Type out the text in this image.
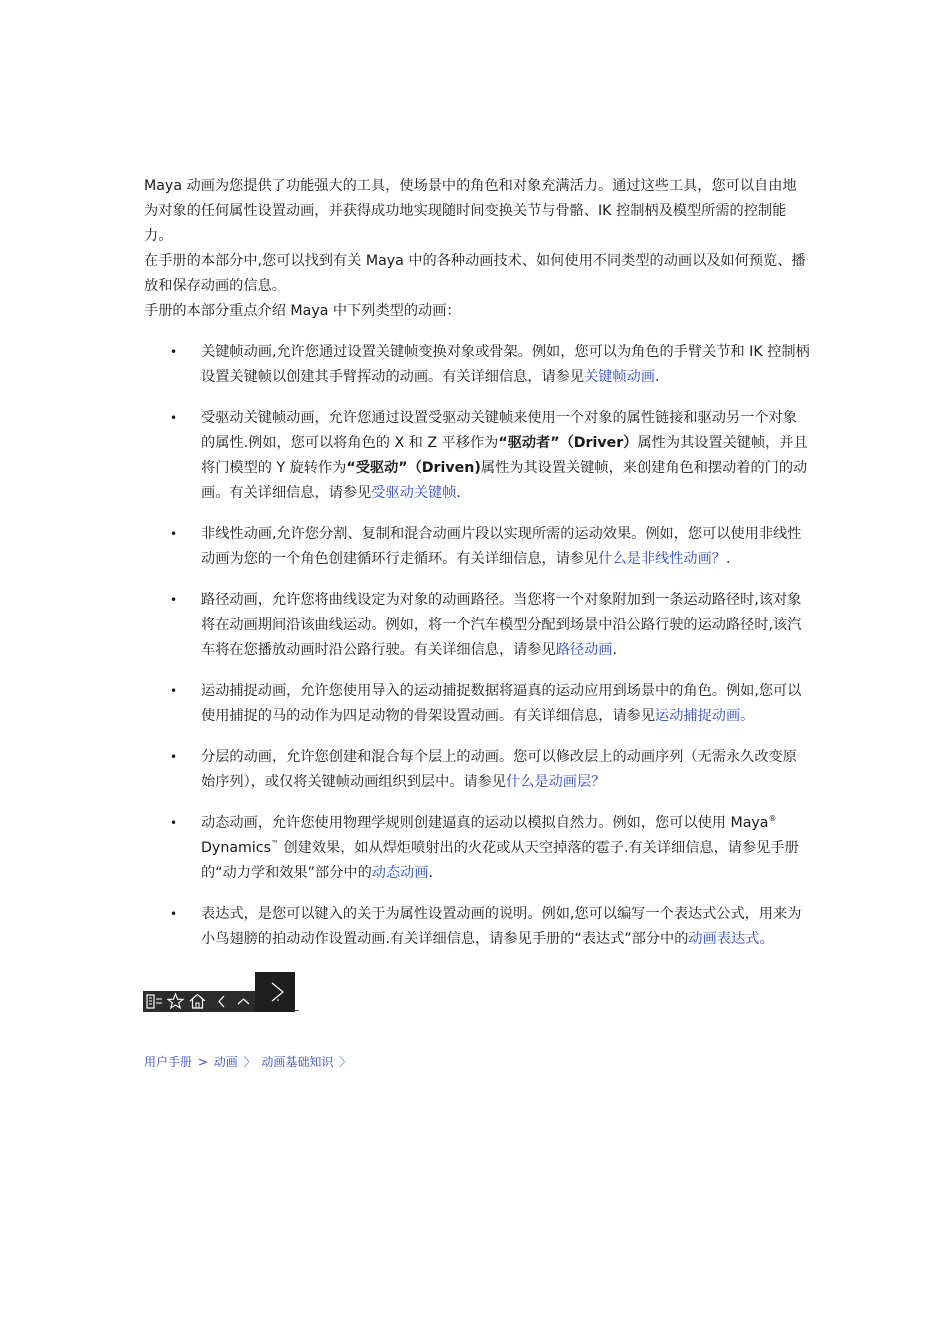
Maya 动画为您提供了功能强大的工具，使场景中的角色和对象充满活力。通过这些工具，您可以自由地为对象的任何属性设置动画，并获得成功地实现随时间变换关节与骨骼、IK 控制柄及模型所需的控制能力。

在手册的本部分中,您可以找到有关 Maya 中的各种动画技术、如何使用不同类型的动画以及如何预览、播放和保存动画的信息。

手册的本部分重点介绍 Maya 中下列类型的动画：

•	关键帧动画,允许您通过设置关键帧变换对象或骨架。例如，您可以为角色的手臂关节和 IK 控制柄设置关键帧以创建其手臂挥动的动画。有关详细信息，请参见关键帧动画.
•	受驱动关键帧动画，允许您通过设置受驱动关键帧来使用一个对象的属性链接和驱动另一个对象的属性.例如，您可以将角色的 X 和 Z 平移作为“驱动者”（Driver）属性为其设置关键帧，并且将门模型的 Y 旋转作为“受驱动”（Driven)属性为其设置关键帧，来创建角色和摆动着的门的动画。有关详细信息，请参见受驱动关键帧.
•	非线性动画,允许您分割、复制和混合动画片段以实现所需的运动效果。例如，您可以使用非线性动画为您的一个角色创建循环行走循环。有关详细信息，请参见什么是非线性动画？.
•	路径动画，允许您将曲线设定为对象的动画路径。当您将一个对象附加到一条运动路径时,该对象将在动画期间沿该曲线运动。例如，将一个汽车模型分配到场景中沿公路行驶的运动路径时,该汽车将在您播放动画时沿公路行驶。有关详细信息，请参见路径动画.
•	运动捕捉动画，允许您使用导入的运动捕捉数据将逼真的运动应用到场景中的角色。例如,您可以使用捕捉的马的动作为四足动物的骨架设置动画。有关详细信息，请参见运动捕捉动画。
•	分层的动画，允许您创建和混合每个层上的动画。您可以修改层上的动画序列（无需永久改变原始序列），或仅将关键帧动画组织到层中。请参见什么是动画层？
•	动态动画，允许您使用物理学规则创建逼真的运动以模拟自然力。例如，您可以使用 Maya® Dynamics™ 创建效果，如从焊炬喷射出的火花或从天空掉落的雹子.有关详细信息，请参见手册的“动力学和效果”部分中的动态动画.
•	表达式，是您可以键入的关于为属性设置动画的说明。例如,您可以编写一个表达式公式，用来为小鸟翅膀的拍动动作设置动画.有关详细信息，请参见手册的“表达式”部分中的动画表达式。
用户手册 > 动画 〉 动画基础知识 〉
